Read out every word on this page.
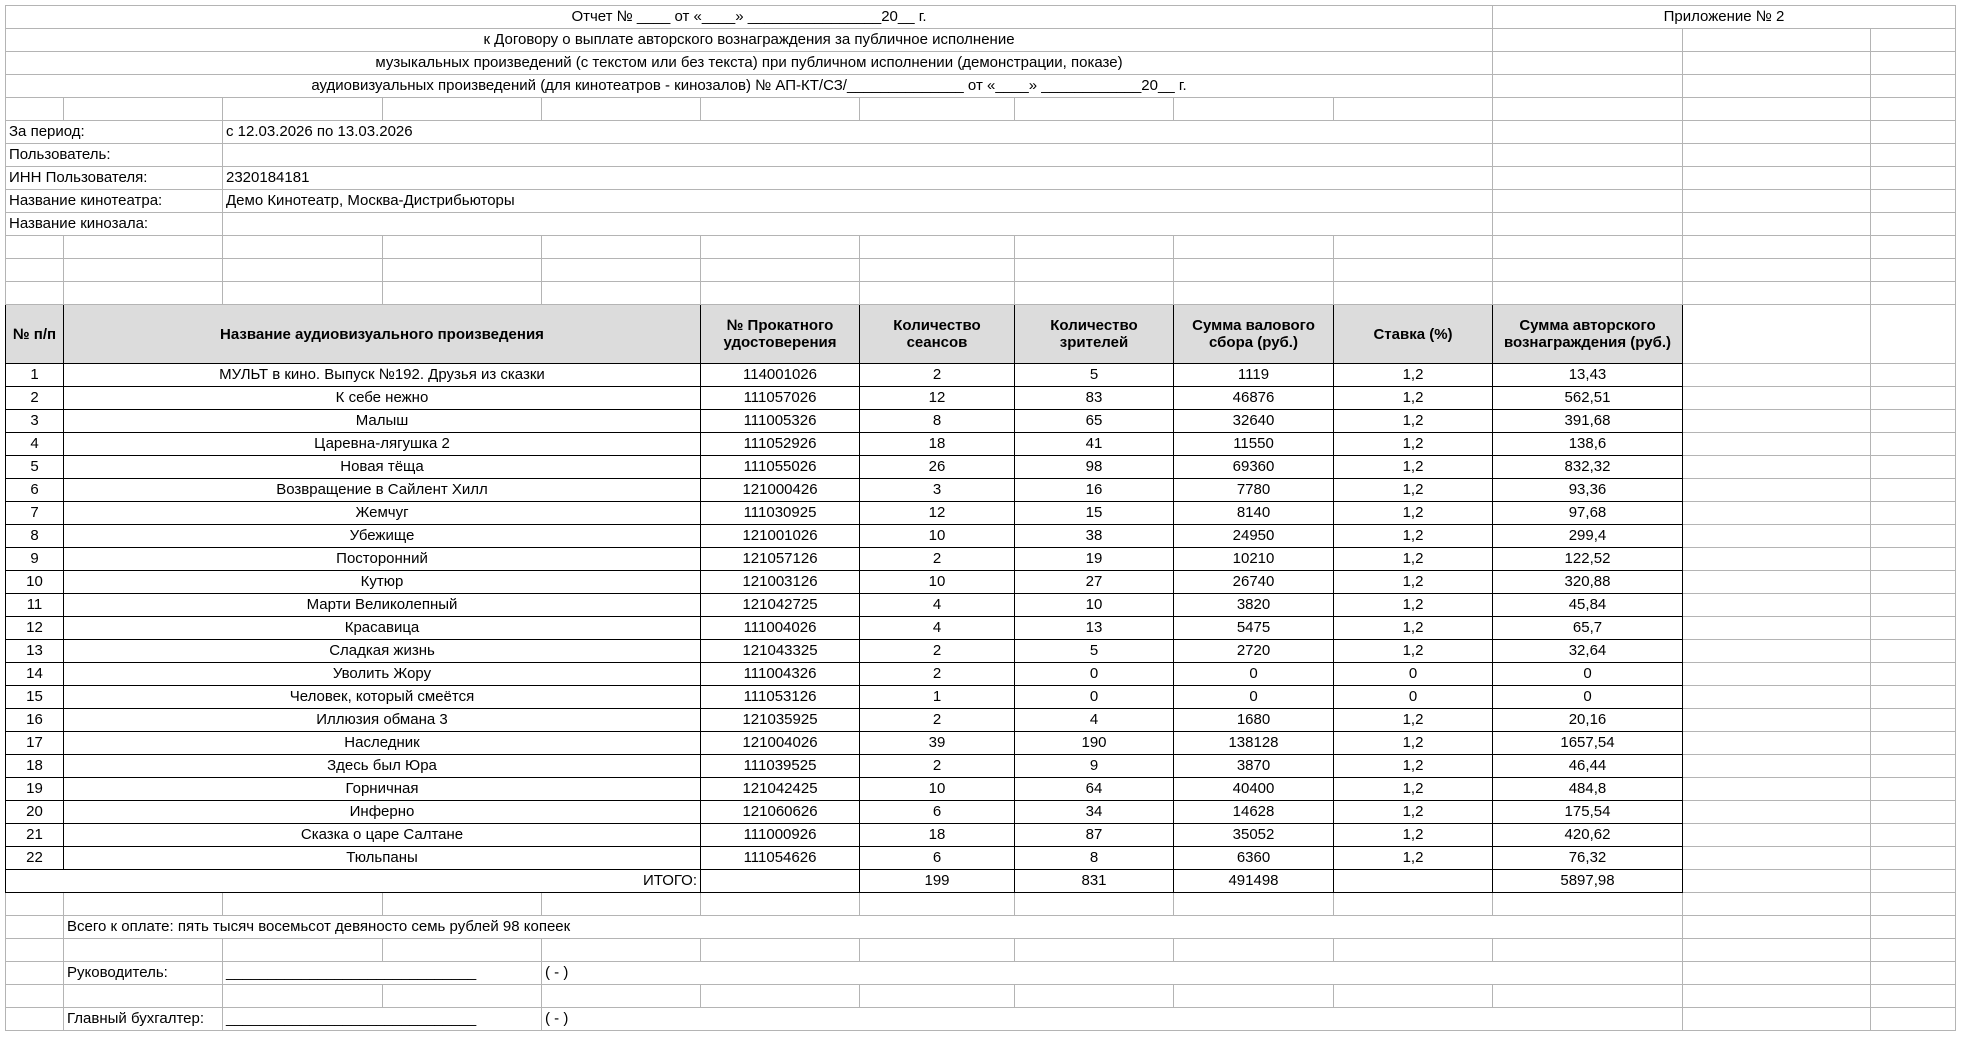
Отчет № ____ от «____» ________________20__ г.										Приложение № 2		
к Договору о выплате авторского вознаграждения за публичное исполнение												
музыкальных произведений (с текстом или без текста) при публичном исполнении (демонстрации, показе)												
аудиовизуальных произведений (для кинотеатров - кинозалов) № АП-КТ/СЗ/______________ от «____» ____________20__ г.												

За период:		с 12.03.2026 по 13.03.2026										
Пользователь:												
ИНН Пользователя:		2320184181										
Название кинотеатра:		Демо Кинотеатр, Москва-Дистрибьюторы										
Название кинозала:												

№ п/п	Название аудиовизуального произведения				№ Прокатного удостоверения	Количество сеансов	Количество зрителей	Сумма валового сбора (руб.)	Ставка (%)	Сумма авторского вознаграждения (руб.)		
1	МУЛЬТ в кино. Выпуск №192. Друзья из сказки				114001026	2	5	1119	1,2	13,43		
2	К себе нежно				111057026	12	83	46876	1,2	562,51		
3	Малыш				111005326	8	65	32640	1,2	391,68		
4	Царевна-лягушка 2				111052926	18	41	11550	1,2	138,6		
5	Новая тёща				111055026	26	98	69360	1,2	832,32		
6	Возвращение в Сайлент Хилл				121000426	3	16	7780	1,2	93,36		
7	Жемчуг				111030925	12	15	8140	1,2	97,68		
8	Убежище				121001026	10	38	24950	1,2	299,4		
9	Посторонний				121057126	2	19	10210	1,2	122,52		
10	Кутюр				121003126	10	27	26740	1,2	320,88		
11	Марти Великолепный				121042725	4	10	3820	1,2	45,84		
12	Красавица				111004026	4	13	5475	1,2	65,7		
13	Сладкая жизнь				121043325	2	5	2720	1,2	32,64		
14	Уволить Жору				111004326	2	0	0	0	0		
15	Человек, который смеётся				111053126	1	0	0	0	0		
16	Иллюзия обмана 3				121035925	2	4	1680	1,2	20,16		
17	Наследник				121004026	39	190	138128	1,2	1657,54		
18	Здесь был Юра				111039525	2	9	3870	1,2	46,44		
19	Горничная				121042425	10	64	40400	1,2	484,8		
20	Инферно				121060626	6	34	14628	1,2	175,54		
21	Сказка о царе Салтане				111000926	18	87	35052	1,2	420,62		
22	Тюльпаны				111054626	6	8	6360	1,2	76,32		
ИТОГО:						199	831	491498		5897,98		

	Всего к оплате: пять тысяч восемьсот девяносто семь рублей 98 копеек											

	Руководитель:	______________________________		( - )								

	Главный бухгалтер:	______________________________		( - )								
